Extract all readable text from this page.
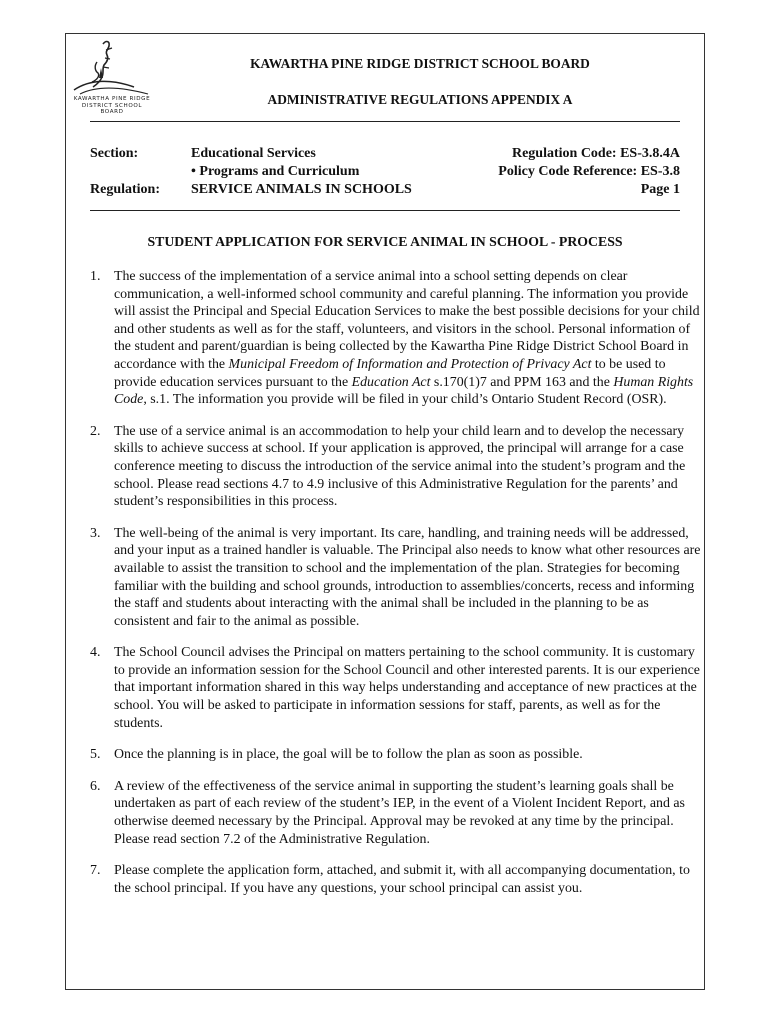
KAWARTHA PINE RIDGE
DISTRICT SCHOOL BOARD
KAWARTHA PINE RIDGE DISTRICT SCHOOL BOARD
ADMINISTRATIVE REGULATIONS APPENDIX A
Section:	Educational Services
• Programs and Curriculum
Regulation: SERVICE ANIMALS IN SCHOOLS
Regulation Code: ES-3.8.4A
Policy Code Reference: ES-3.8
Page 1
STUDENT APPLICATION FOR SERVICE ANIMAL IN SCHOOL - PROCESS
1. The success of the implementation of a service animal into a school setting depends on clear communication, a well-informed school community and careful planning. The information you provide will assist the Principal and Special Education Services to make the best possible decisions for your child and other students as well as for the staff, volunteers, and visitors in the school. Personal information of the student and parent/guardian is being collected by the Kawartha Pine Ridge District School Board in accordance with the Municipal Freedom of Information and Protection of Privacy Act to be used to provide education services pursuant to the Education Act s.170(1)7 and PPM 163 and the Human Rights Code, s.1. The information you provide will be filed in your child’s Ontario Student Record (OSR).
2. The use of a service animal is an accommodation to help your child learn and to develop the necessary skills to achieve success at school. If your application is approved, the principal will arrange for a case conference meeting to discuss the introduction of the service animal into the student’s program and the school. Please read sections 4.7 to 4.9 inclusive of this Administrative Regulation for the parents’ and student’s responsibilities in this process.
3. The well-being of the animal is very important. Its care, handling, and training needs will be addressed, and your input as a trained handler is valuable. The Principal also needs to know what other resources are available to assist the transition to school and the implementation of the plan. Strategies for becoming familiar with the building and school grounds, introduction to assemblies/concerts, recess and informing the staff and students about interacting with the animal shall be included in the planning to be as consistent and fair to the animal as possible.
4. The School Council advises the Principal on matters pertaining to the school community. It is customary to provide an information session for the School Council and other interested parents. It is our experience that important information shared in this way helps understanding and acceptance of new practices at the school. You will be asked to participate in information sessions for staff, parents, as well as for the students.
5. Once the planning is in place, the goal will be to follow the plan as soon as possible.
6. A review of the effectiveness of the service animal in supporting the student’s learning goals shall be undertaken as part of each review of the student’s IEP, in the event of a Violent Incident Report, and as otherwise deemed necessary by the Principal. Approval may be revoked at any time by the principal. Please read section 7.2 of the Administrative Regulation.
7. Please complete the application form, attached, and submit it, with all accompanying documentation, to the school principal. If you have any questions, your school principal can assist you.
